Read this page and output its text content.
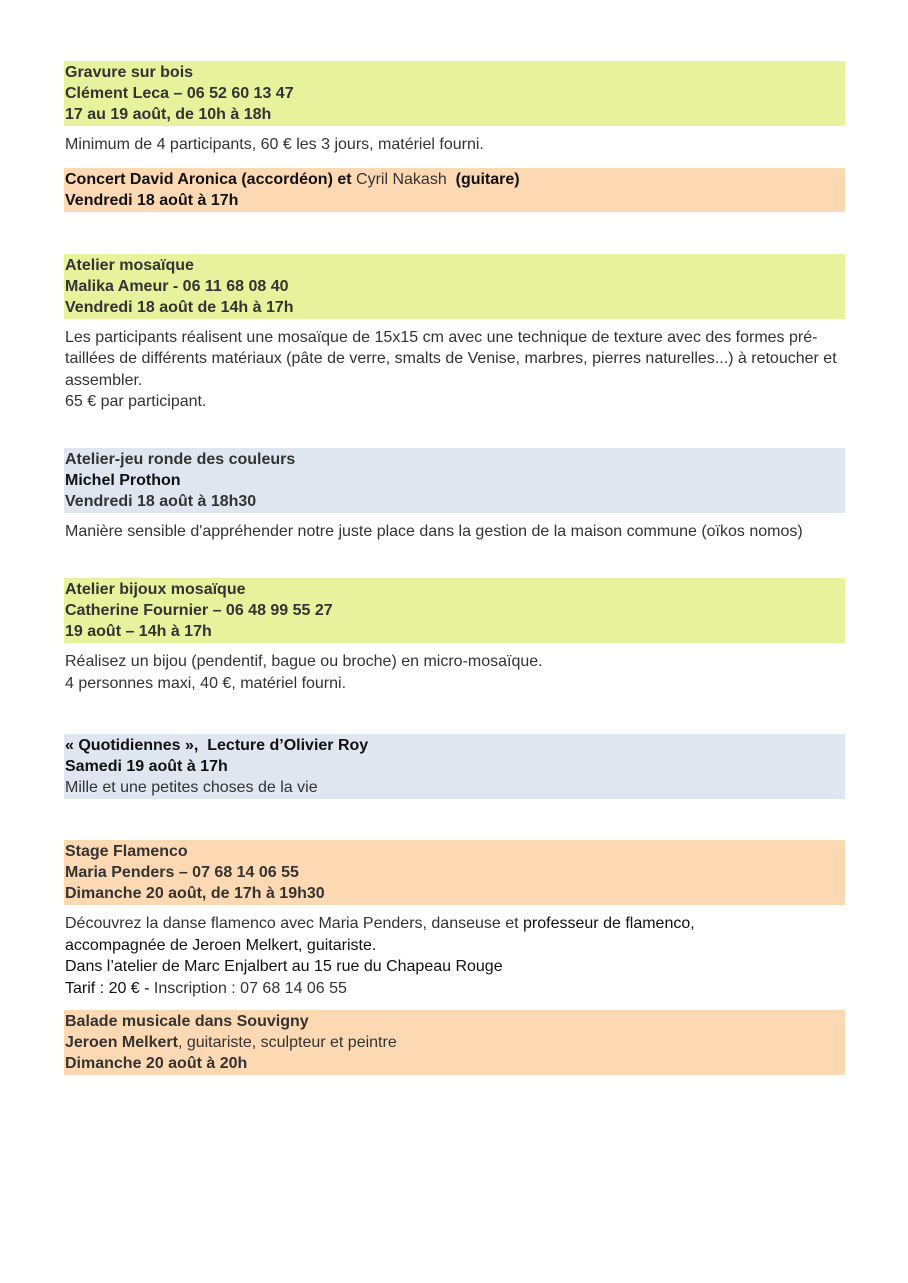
Gravure sur bois
Clément Leca – 06 52 60 13 47
17 au 19 août, de 10h à 18h
Minimum de 4 participants, 60 € les 3 jours, matériel fourni.
Concert David Aronica (accordéon) et Cyril Nakash  (guitare)
Vendredi 18 août à 17h
Atelier mosaïque
Malika Ameur - 06 11 68 08 40
Vendredi 18 août de 14h à 17h
Les participants réalisent une mosaïque de 15x15 cm avec une technique de texture avec des formes pré-taillées de différents matériaux (pâte de verre, smalts de Venise, marbres, pierres naturelles...) à retoucher et assembler.
65 € par participant.
Atelier-jeu ronde des couleurs
Michel Prothon
Vendredi 18 août à 18h30
Manière sensible d'appréhender notre juste place dans la gestion de la maison commune (oïkos nomos)
Atelier bijoux mosaïque
Catherine Fournier – 06 48 99 55 27
19 août – 14h à 17h
Réalisez un bijou (pendentif, bague ou broche) en micro-mosaïque.
4 personnes maxi, 40 €, matériel fourni.
« Quotidiennes »,  Lecture d’Olivier Roy
Samedi 19 août à 17h
Mille et une petites choses de la vie
Stage Flamenco
Maria Penders – 07 68 14 06 55
Dimanche 20 août, de 17h à 19h30
Découvrez la danse flamenco avec Maria Penders, danseuse et professeur de flamenco,
accompagnée de Jeroen Melkert, guitariste.
Dans l’atelier de Marc Enjalbert au 15 rue du Chapeau Rouge
Tarif : 20 € - Inscription : 07 68 14 06 55
Balade musicale dans Souvigny
Jeroen Melkert, guitariste, sculpteur et peintre
Dimanche 20 août à 20h
